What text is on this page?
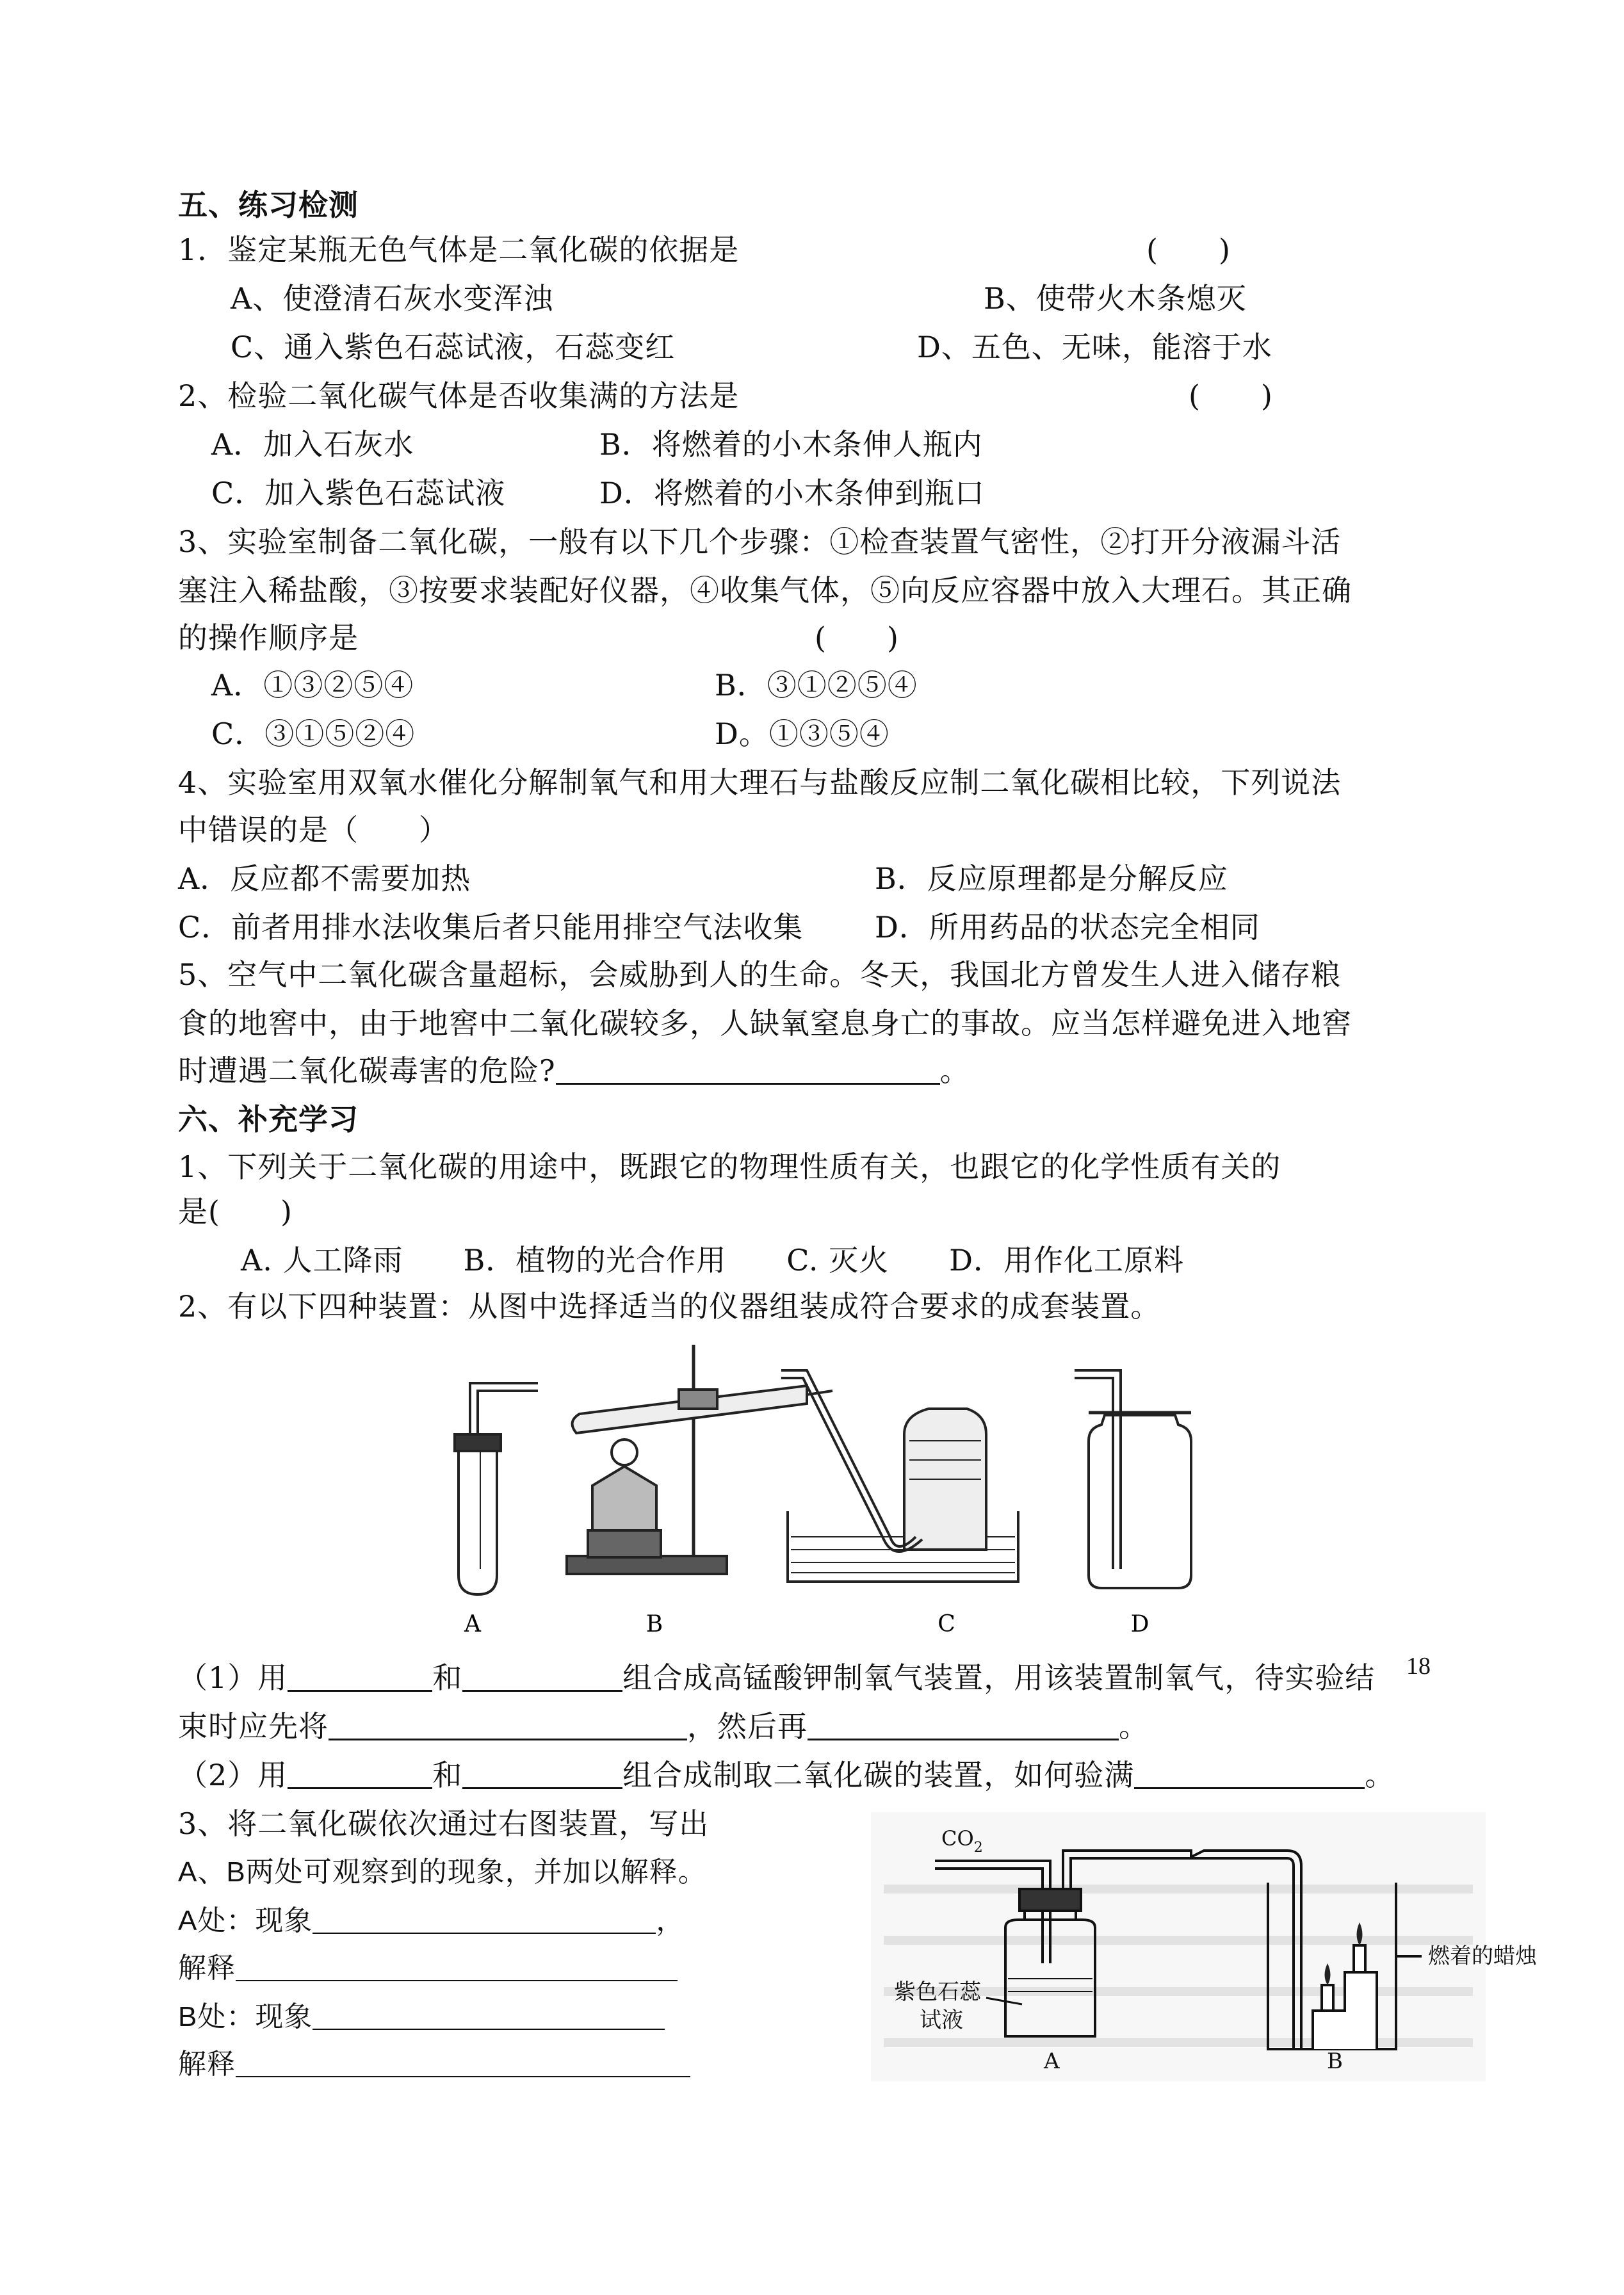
五、练习检测
1．鉴定某瓶无色气体是二氧化碳的依据是	(　　)
A、使澄清石灰水变浑浊	B、使带火木条熄灭
C、通入紫色石蕊试液，石蕊变红	D、五色、无味，能溶于水
2、检验二氧化碳气体是否收集满的方法是	(　　)
A．加入石灰水	B．将燃着的小木条伸人瓶内
C．加入紫色石蕊试液	D．将燃着的小木条伸到瓶口
3、实验室制备二氧化碳，一般有以下几个步骤：①检查装置气密性，②打开分液漏斗活
塞注入稀盐酸，③按要求装配好仪器，④收集气体，⑤向反应容器中放入大理石。其正确
的操作顺序是	(　　)
A．①③②⑤④	B．③①②⑤④
C．③①⑤②④	D。①③⑤④
4、实验室用双氧水催化分解制氧气和用大理石与盐酸反应制二氧化碳相比较，下列说法
中错误的是（　　）
A．反应都不需要加热	B．反应原理都是分解反应
C．前者用排水法收集后者只能用排空气法收集 D．所用药品的状态完全相同
5、空气中二氧化碳含量超标，会威胁到人的生命。冬天，我国北方曾发生人进入储存粮
食的地窖中，由于地窖中二氧化碳较多，人缺氧窒息身亡的事故。应当怎样避免进入地窖
时遭遇二氧化碳毒害的危险?	。
六、补充学习
1、下列关于二氧化碳的用途中，既跟它的物理性质有关，也跟它的化学性质有关的
是(　　)
A. 人工降雨　　B．植物的光合作用　　C. 灭火　　D．用作化工原料
2、有以下四种装置：从图中选择适当的仪器组装成符合要求的成套装置。
A	B	C	D
（1）用	和	组合成高锰酸钾制氧气装置，用该装置制氧气，待实验结
束时应先将	，然后再	。
（2）用	和	组合成制取二氧化碳的装置，如何验满	。
3、将二氧化碳依次通过右图装置，写出
A、B两处可观察到的现象，并加以解释。
A处：现象	，
解释
B处：现象
解释
$CO_2$
燃着的蜡烛
紫色石蕊
试液
A	B
18
